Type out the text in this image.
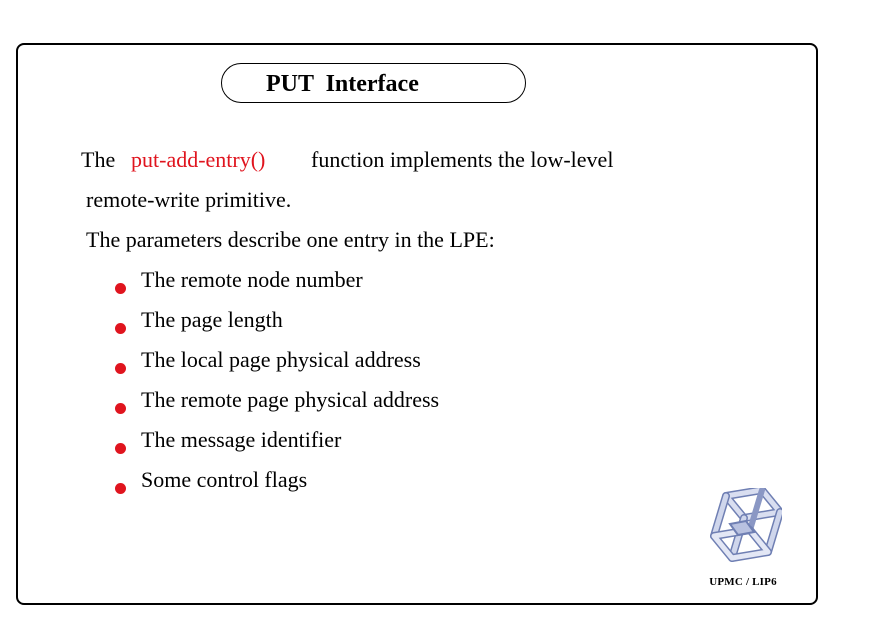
PUT  Interface
The put-add-entry() function implements the low-level
remote-write primitive.
The parameters describe one entry in the LPE:
The remote node number
The page length
The local page physical address
The remote page physical address
The message identifier
Some control flags
UPMC / LIP6
